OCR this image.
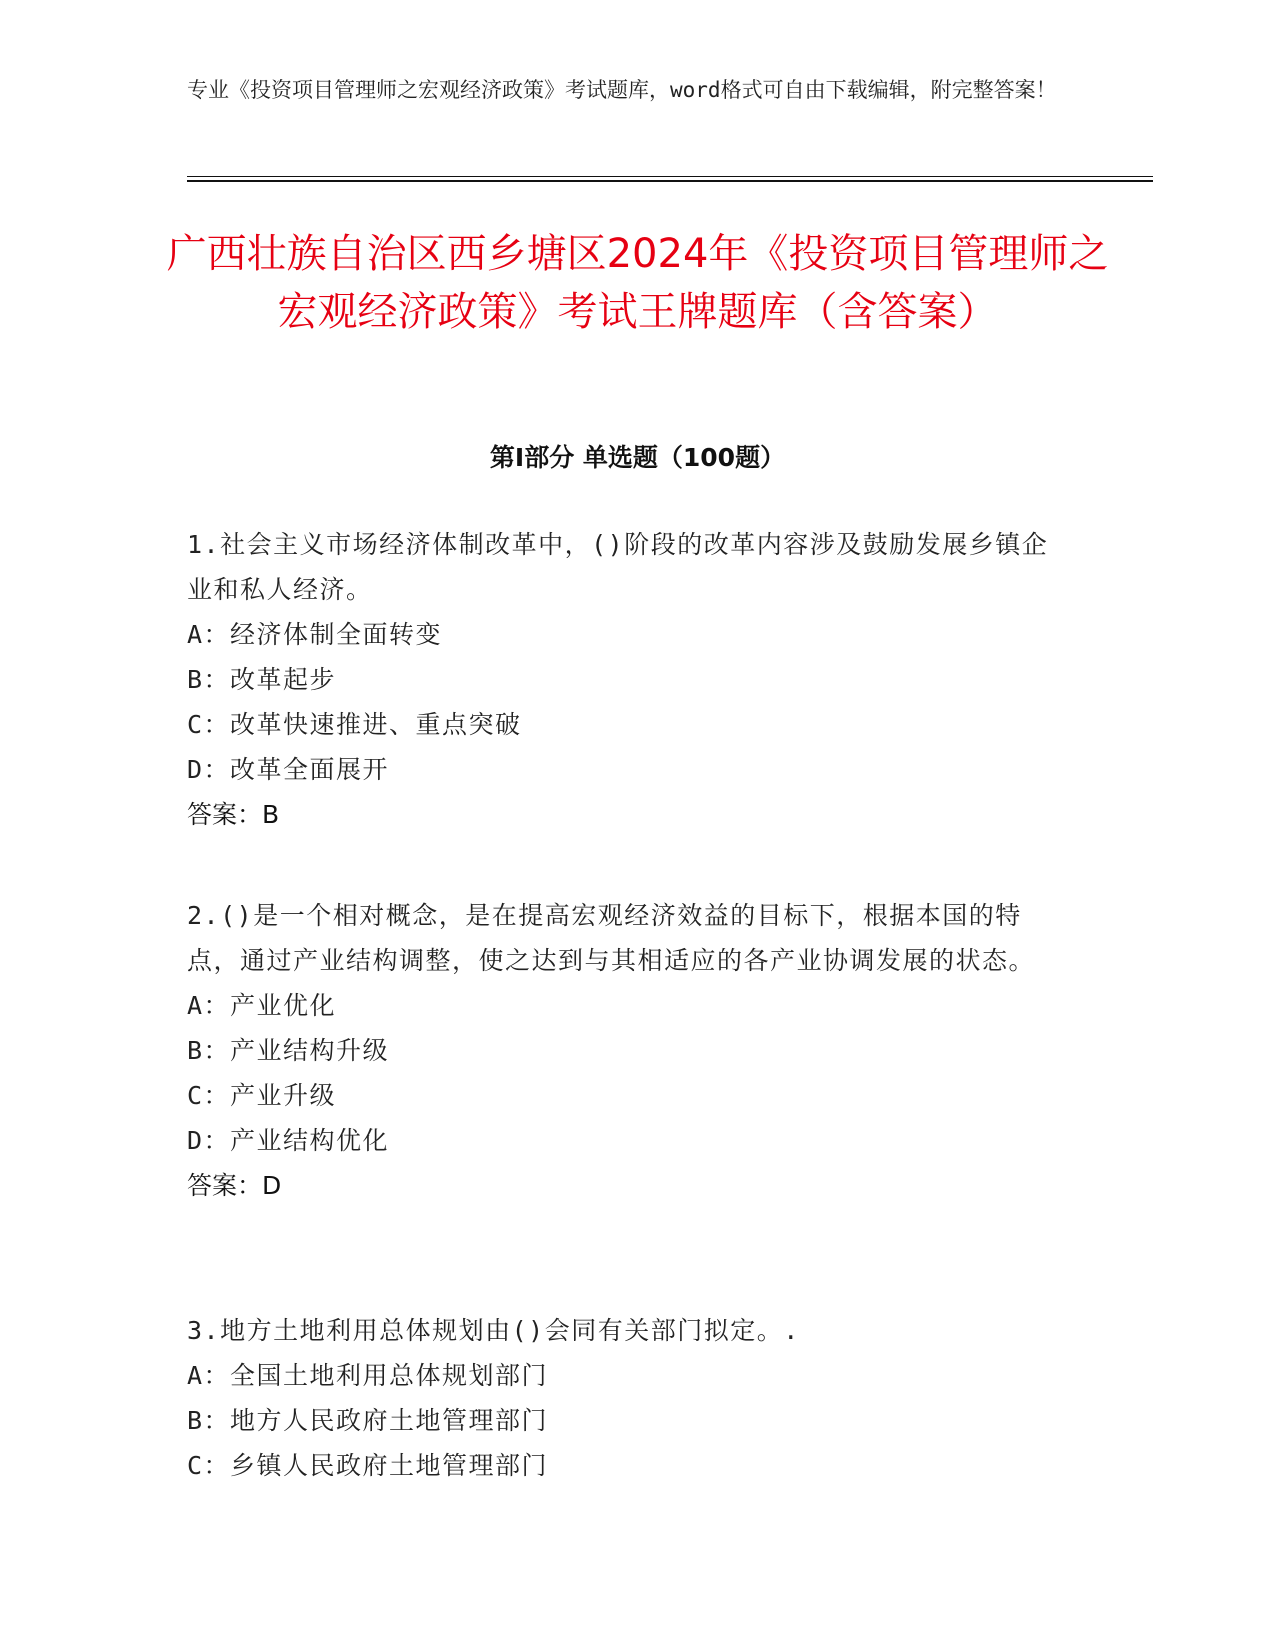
专业《投资项目管理师之宏观经济政策》考试题库，word格式可自由下载编辑，附完整答案！
广西壮族自治区西乡塘区2024年《投资项目管理师之宏观经济政策》考试王牌题库（含答案）
第I部分 单选题（100题）

1.社会主义市场经济体制改革中，()阶段的改革内容涉及鼓励发展乡镇企业和私人经济。

A：经济体制全面转变

B：改革起步

C：改革快速推进、重点突破

D：改革全面展开

答案：B

2.()是一个相对概念，是在提高宏观经济效益的目标下，根据本国的特点，通过产业结构调整，使之达到与其相适应的各产业协调发展的状态。

A：产业优化

B：产业结构升级

C：产业升级

D：产业结构优化

答案：D

3.地方土地利用总体规划由()会同有关部门拟定。.

A：全国土地利用总体规划部门

B：地方人民政府土地管理部门

C：乡镇人民政府土地管理部门
